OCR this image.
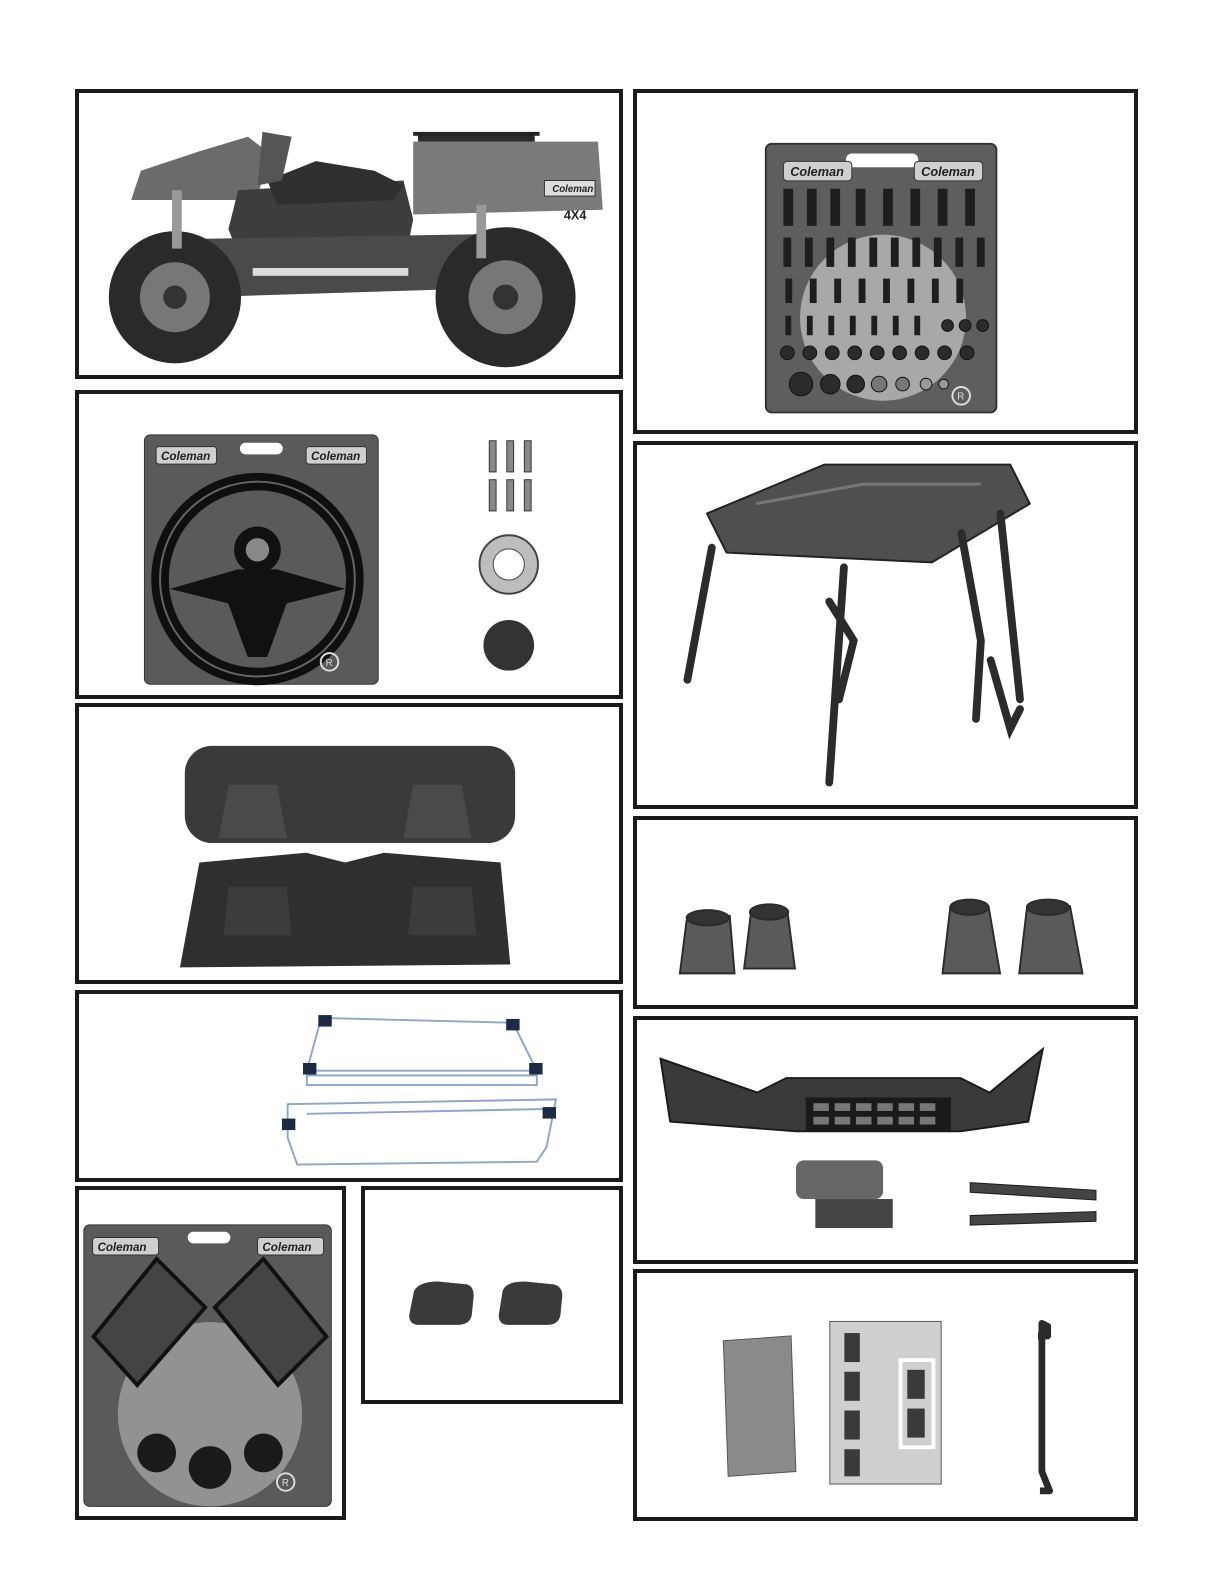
Coleman
4X4
Coleman	Coleman
R
Coleman	Coleman
R
Coleman	Coleman
R
